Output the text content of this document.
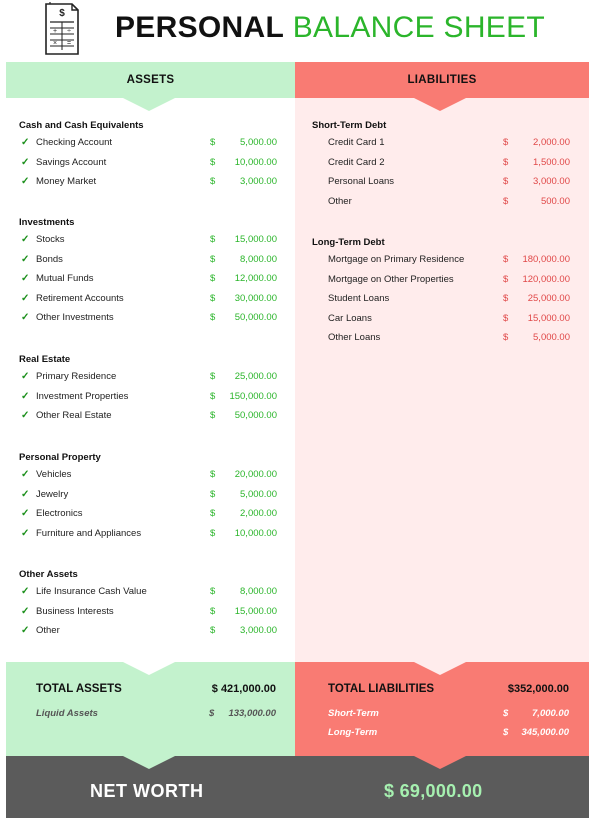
$
+ ÷
× = PERSONAL BALANCE SHEET
ASSETS	LIABILITIES
Cash and Cash Equivalents
✓ Checking Account	$	5,000.00
✓ Savings Account	$	10,000.00
✓ Money Market	$	3,000.00
Investments
✓ Stocks	$	15,000.00
✓ Bonds	$	8,000.00
✓ Mutual Funds	$	12,000.00
✓ Retirement Accounts	$	30,000.00
✓ Other Investments	$	50,000.00
Real Estate
✓ Primary Residence	$	25,000.00
✓ Investment Properties	$	150,000.00
✓ Other Real Estate	$	50,000.00
Personal Property
✓ Vehicles	$	20,000.00
✓ Jewelry	$	5,000.00
✓ Electronics	$	2,000.00
✓ Furniture and Appliances	$	10,000.00
Other Assets
✓ Life Insurance Cash Value	$	8,000.00
✓ Business Interests	$	15,000.00
✓ Other	$	3,000.00
Short-Term Debt
Credit Card 1	$	2,000.00
Credit Card 2	$	1,500.00
Personal Loans	$	3,000.00
Other	$	500.00
Long-Term Debt
Mortgage on Primary Residence	$	180,000.00
Mortgage on Other Properties	$	120,000.00
Student Loans	$	25,000.00
Car Loans	$	15,000.00
Other Loans	$	5,000.00
TOTAL ASSETS	$ 421,000.00
Liquid Assets	$	133,000.00
TOTAL LIABILITIES	$352,000.00
Short-Term	$	7,000.00
Long-Term	$	345,000.00
NET WORTH	$ 69,000.00
